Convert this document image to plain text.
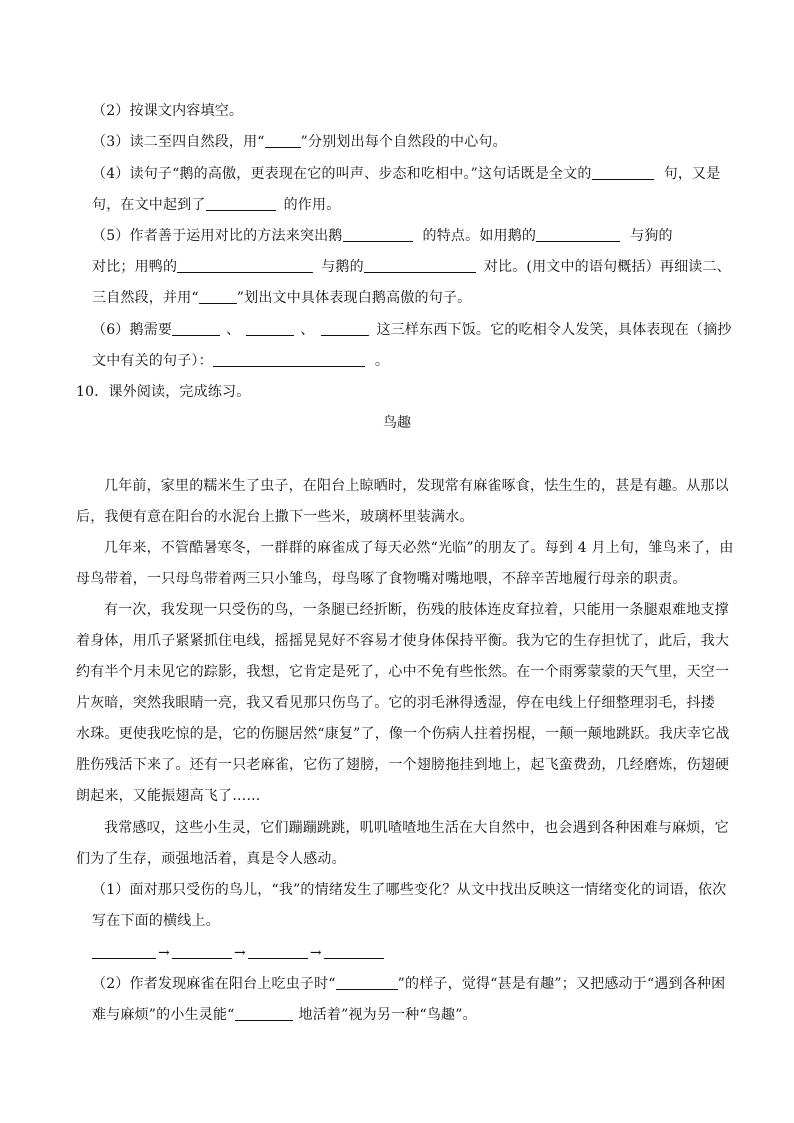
（2）按课文内容填空。
（3）读二至四自然段，用“	”分别划出每个自然段的中心句。
（4）读句子“鹅的高傲，更表现在它的叫声、步态和吃相中。”这句话既是全文的	句，又是
句，在文中起到了	的作用。
（5）作者善于运用对比的方法来突出鹅	的特点。如用鹅的	与狗的
对比；用鸭的	与鹅的	对比。(用文中的语句概括）再细读二、
三自然段，并用“	”划出文中具体表现白鹅高傲的句子。
（6）鹅需要	、	、	这三样东西下饭。它的吃相令人发笑，具体表现在（摘抄
文中有关的句子）：	。
10．课外阅读，完成练习。
鸟趣
几年前，家里的糯米生了虫子，在阳台上晾晒时，发现常有麻雀啄食，怯生生的，甚是有趣。从那以
后，我便有意在阳台的水泥台上撒下一些米，玻璃杯里装满水。
几年来，不管酷暑寒冬，一群群的麻雀成了每天必然“光临”的朋友了。每到 4 月上旬，雏鸟来了，由
母鸟带着，一只母鸟带着两三只小雏鸟，母鸟啄了食物嘴对嘴地喂，不辞辛苦地履行母亲的职责。
有一次，我发现一只受伤的鸟，一条腿已经折断，伤残的肢体连皮耷拉着，只能用一条腿艰难地支撑
着身体，用爪子紧紧抓住电线，摇摇晃晃好不容易才使身体保持平衡。我为它的生存担忧了，此后，我大
约有半个月未见它的踪影，我想，它肯定是死了，心中不免有些怅然。在一个雨雾蒙蒙的天气里，天空一
片灰暗，突然我眼睛一亮，我又看见那只伤鸟了。它的羽毛淋得透湿，停在电线上仔细整理羽毛，抖搂
水珠。更使我吃惊的是，它的伤腿居然“康复”了，像一个伤病人拄着拐棍，一颠一颠地跳跃。我庆幸它战
胜伤残活下来了。还有一只老麻雀，它伤了翅膀，一个翅膀拖挂到地上，起飞蛮费劲，几经磨炼，伤翅硬
朗起来，又能振翅高飞了……
我常感叹，这些小生灵，它们蹦蹦跳跳，叽叽喳喳地生活在大自然中，也会遇到各种困难与麻烦，它
们为了生存，顽强地活着，真是令人感动。
（1）面对那只受伤的鸟儿，“我”的情绪发生了哪些变化？从文中找出反映这一情绪变化的词语，依次
写在下面的横线上。
→	→	→
（2）作者发现麻雀在阳台上吃虫子时“	”的样子，觉得“甚是有趣”；又把感动于“遇到各种困
难与麻烦”的小生灵能“	地活着”视为另一种“鸟趣”。
